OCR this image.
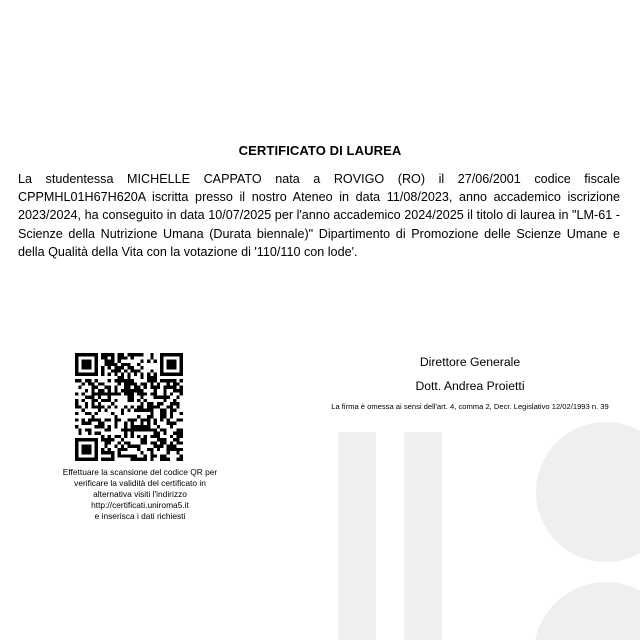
CERTIFICATO DI LAUREA
La studentessa MICHELLE CAPPATO nata a ROVIGO (RO) il 27/06/2001 codice fiscale CPPMHL01H67H620A iscritta presso il nostro Ateneo in data 11/08/2023, anno accademico iscrizione 2023/2024, ha conseguito in data 10/07/2025 per l'anno accademico 2024/2025 il titolo di laurea in "LM-61 - Scienze della Nutrizione Umana (Durata biennale)" Dipartimento di Promozione delle Scienze Umane e della Qualità della Vita con la votazione di '110/110 con lode'.
Effettuare la scansione del codice QR per
verificare la validità del certificato in
alternativa visiti l'indirizzo
http://certificati.uniroma5.it
e inserisca i dati richiesti
Direttore Generale
Dott. Andrea Proietti
La firma è omessa ai sensi dell'art. 4, comma 2, Decr. Legislativo 12/02/1993 n. 39
